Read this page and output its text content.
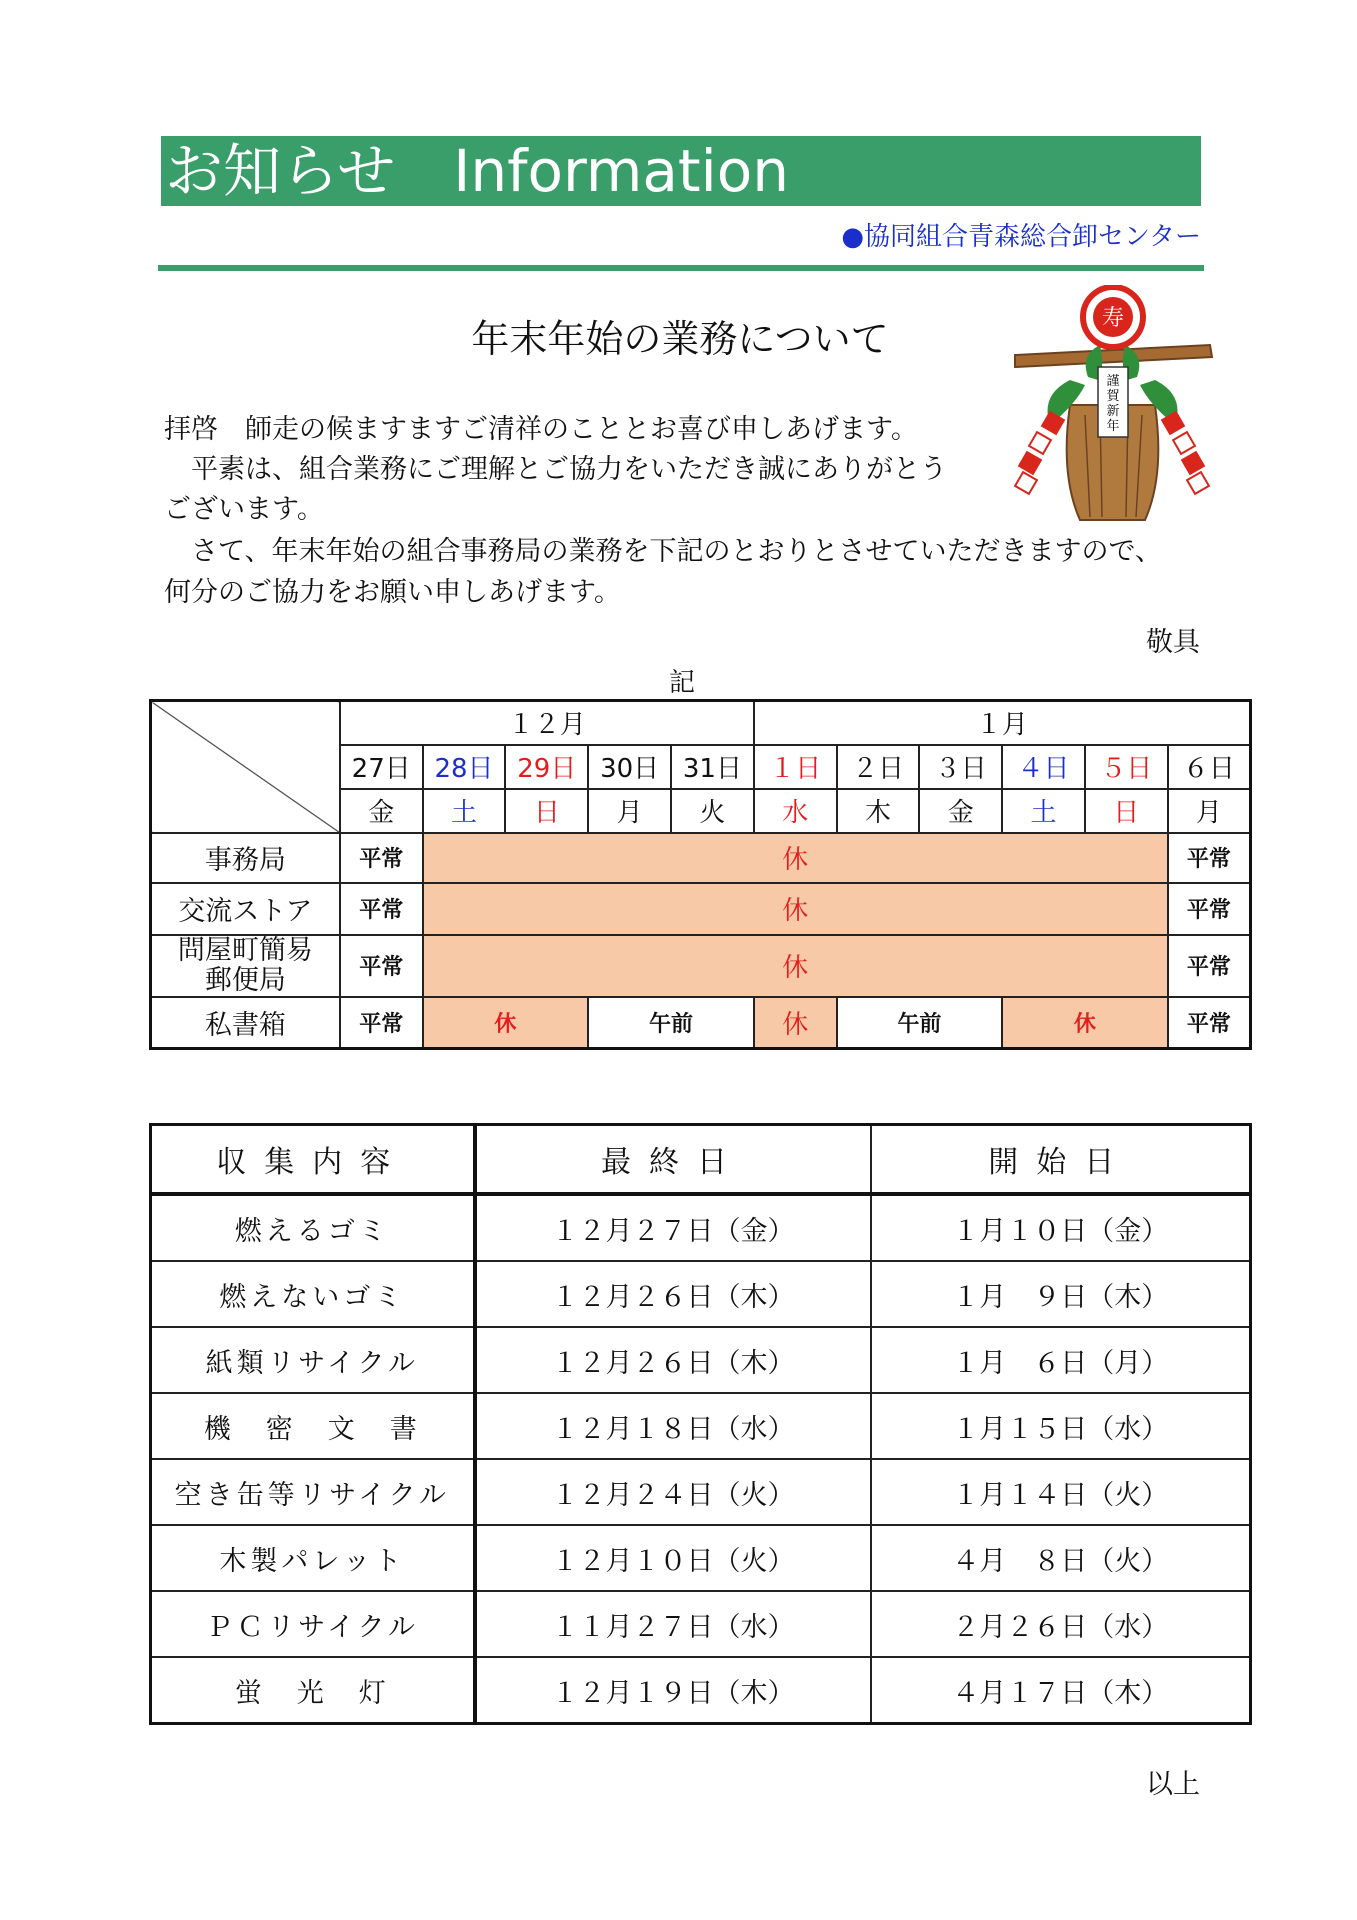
お知らせ　Information
●協同組合青森総合卸センター
年末年始の業務について	寿
謹
賀
新
年
拝啓　師走の候ますますご清祥のこととお喜び申しあげます。
　平素は、組合業務にご理解とご協力をいただき誠にありがとう
ございます。
　さて、年末年始の組合事務局の業務を下記のとおりとさせていただきますので、
何分のご協力をお願い申しあげます。
敬具
記
	１２月					１月					
	27日	28日	29日	30日	31日	１日	２日	３日	４日	５日	６日
	金	土	日	月	火	水	木	金	土	日	月
事務局	平常	休									平常
交流ストア	平常	休									平常
問屋町簡易
郵便局	平常	休									平常
私書箱	平常	休		午前		休	午前		休		平常
収集内容	最終日	開始日
燃えるゴミ	１２月２７日（金）	１月１０日（金）
燃えないゴミ	１２月２６日（木）	１月　９日（木）
紙類リサイクル	１２月２６日（木）	１月　６日（月）
機　密　文　書	１２月１８日（水）	１月１５日（水）
空き缶等リサイクル	１２月２４日（火）	１月１４日（火）
木製パレット	１２月１０日（火）	４月　８日（火）
ＰＣリサイクル	１１月２７日（水）	２月２６日（水）
蛍　光　灯	１２月１９日（木）	４月１７日（木）
以上
